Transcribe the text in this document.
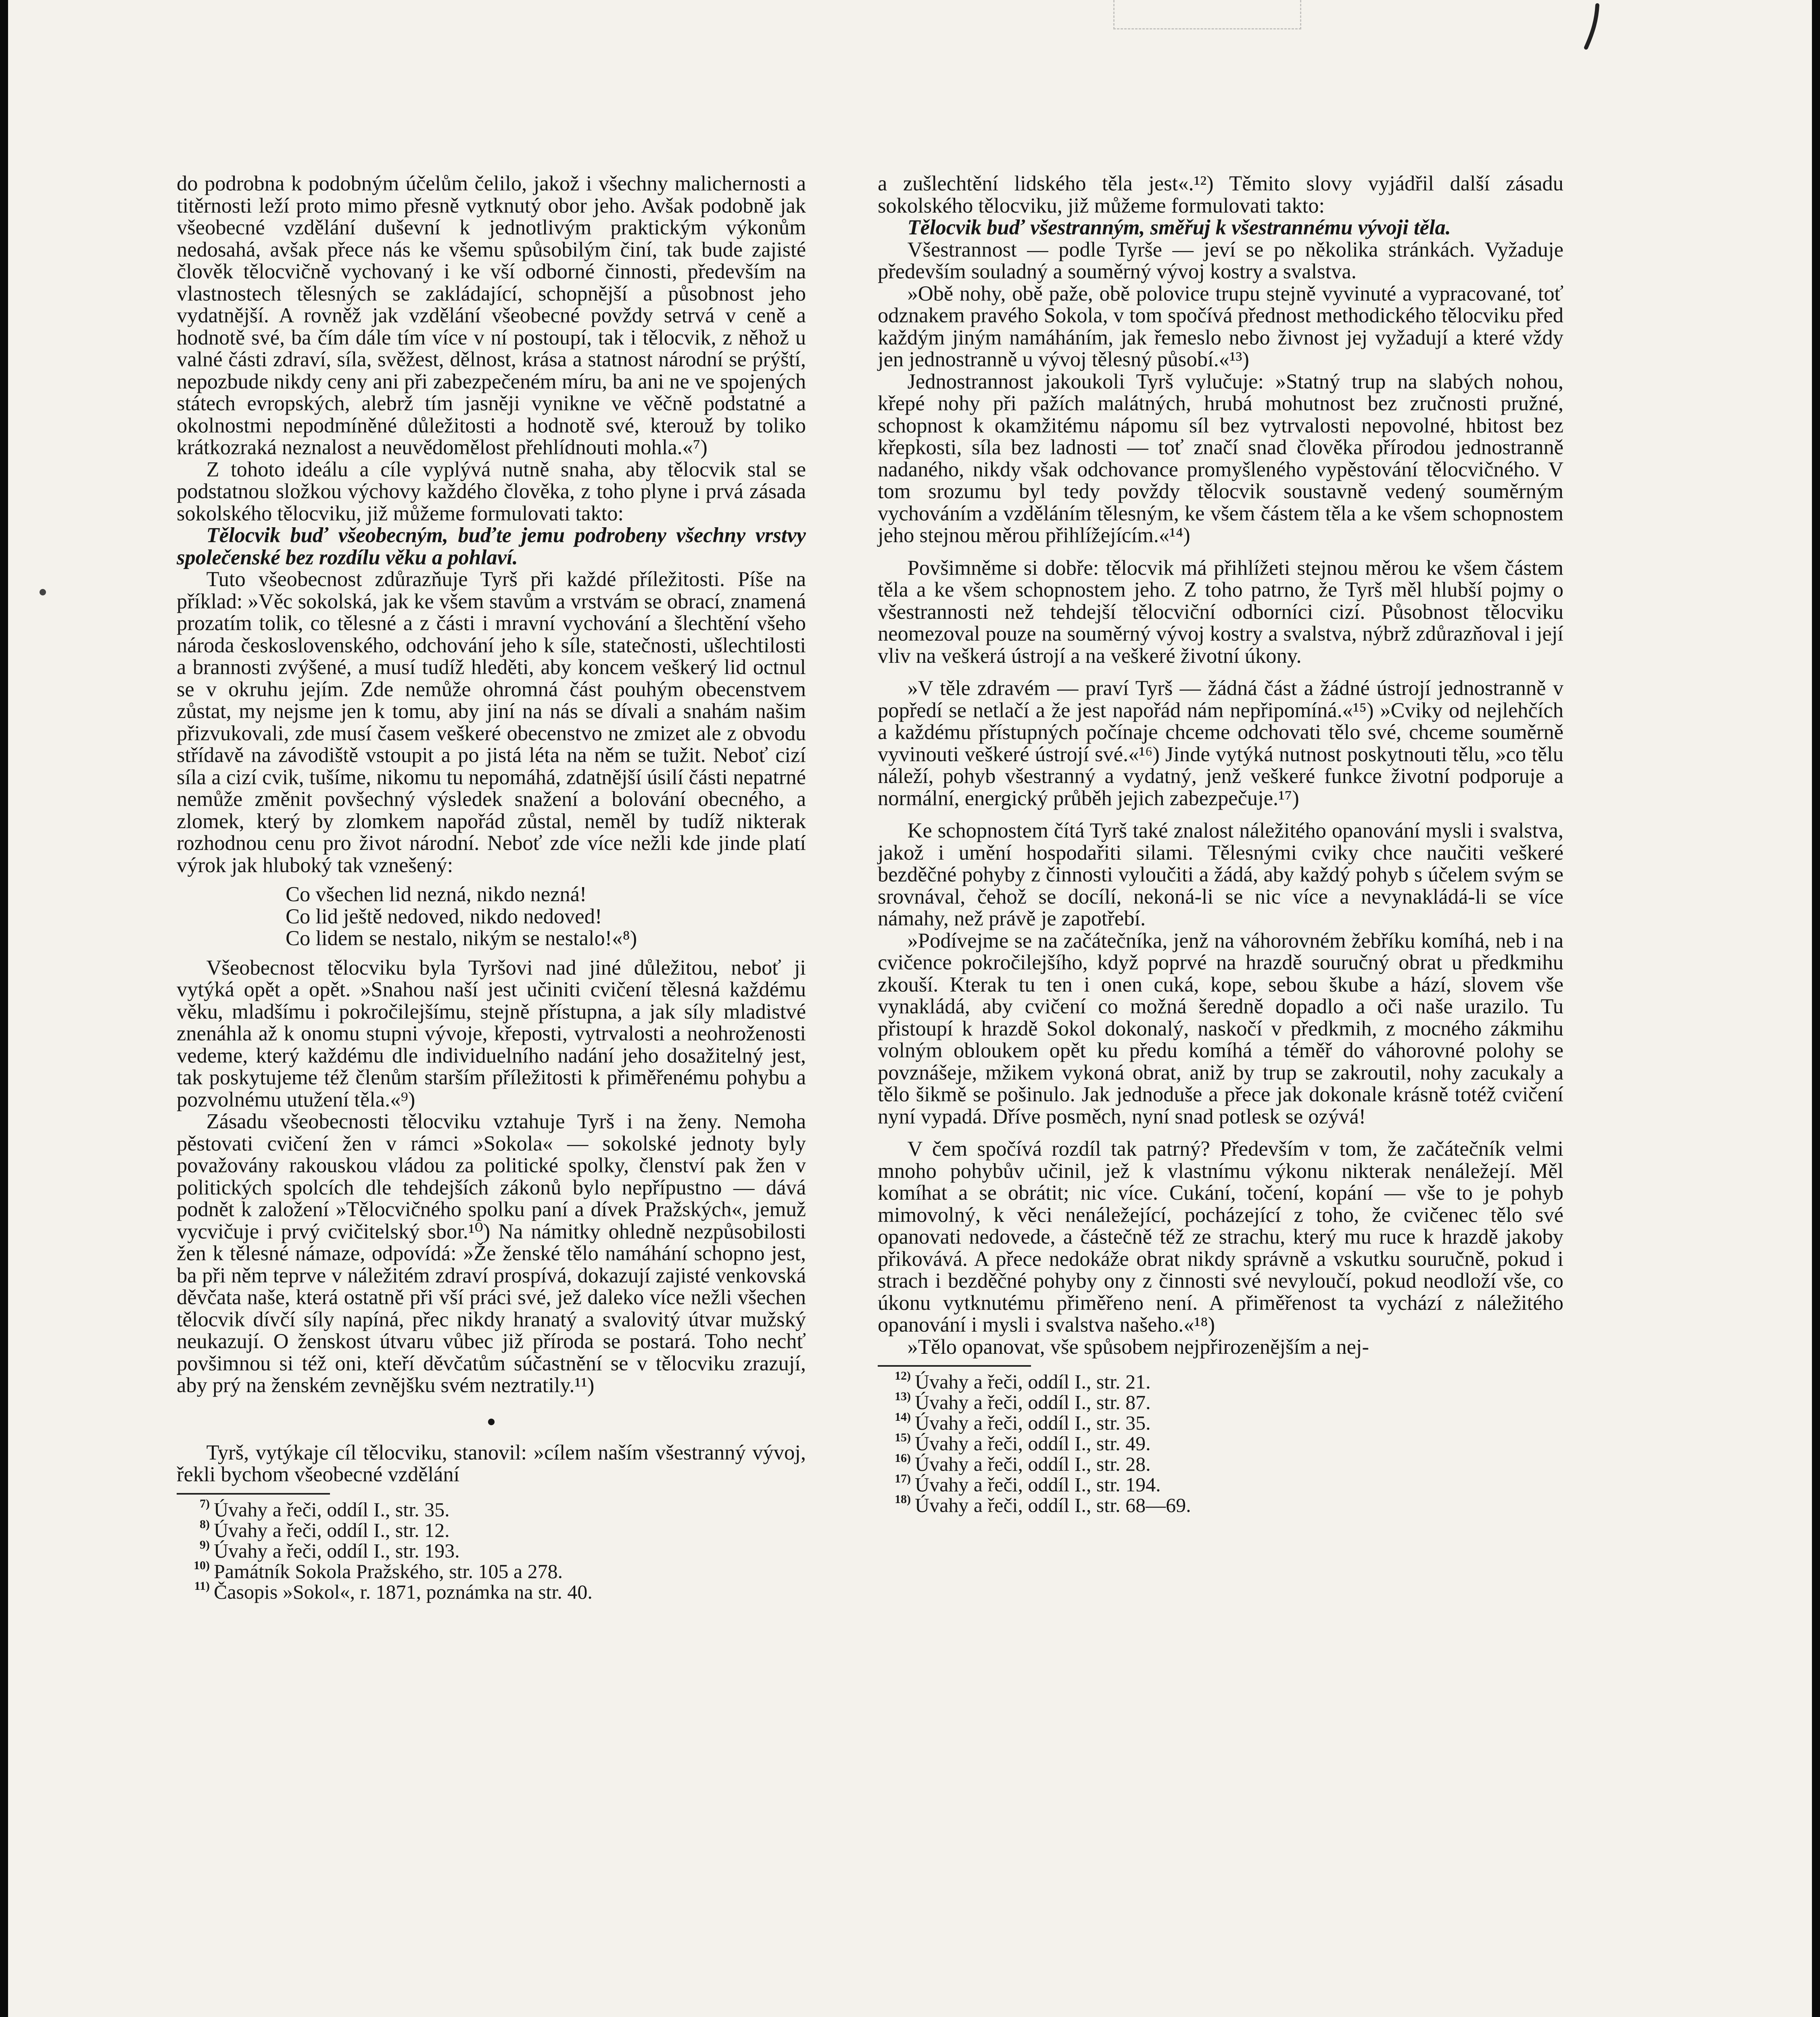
do podrobna k podobným účelům čelilo, jakož i všechny malichernosti a titěrnosti leží proto mimo přesně vytknutý obor jeho. Avšak podobně jak všeobecné vzdělání duševní k jednotlivým praktickým výkonům nedosahá, avšak přece nás ke všemu spůsobilým činí, tak bude zajisté člověk tělocvičně vychovaný i ke vší odborné činnosti, především na vlastnostech tělesných se zakládající, schopnější a působnost jeho vydatnější. A rovněž jak vzdělání všeobecné povždy setrvá v ceně a hodnotě své, ba čím dále tím více v ní postoupí, tak i tělocvik, z něhož u valné části zdraví, síla, svěžest, dělnost, krása a statnost národní se prýští, nepozbude nikdy ceny ani při zabezpečeném míru, ba ani ne ve spojených státech evropských, alebrž tím jasněji vynikne ve věčně podstatné a okolnostmi nepodmíněné důležitosti a hodnotě své, kterouž by toliko krátkozraká neznalost a neuvědomělost přehlídnouti mohla.«⁷)

Z tohoto ideálu a cíle vyplývá nutně snaha, aby tělocvik stal se podstatnou složkou výchovy každého člověka, z toho plyne i prvá zásada sokolského tělocviku, již můžeme formulovati takto:

Tělocvik buď všeobecným, buďte jemu podrobeny všechny vrstvy společenské bez rozdílu věku a pohlaví.

Tuto všeobecnost zdůrazňuje Tyrš při každé příležitosti. Píše na příklad: »Věc sokolská, jak ke všem stavům a vrstvám se obrací, znamená prozatím tolik, co tělesné a z části i mravní vychování a šlechtění všeho národa československého, odchování jeho k síle, statečnosti, ušlechtilosti a brannosti zvýšené, a musí tudíž hleděti, aby koncem veškerý lid octnul se v okruhu jejím. Zde nemůže ohromná část pouhým obecenstvem zůstat, my nejsme jen k tomu, aby jiní na nás se dívali a snahám našim přizvukovali, zde musí časem veškeré obecenstvo ne zmizet ale z obvodu střídavě na závodiště vstoupit a po jistá léta na něm se tužit. Neboť cizí síla a cizí cvik, tušíme, nikomu tu nepomáhá, zdatnější úsilí části nepatrné nemůže změnit povšechný výsledek snažení a bolování obecného, a zlomek, který by zlomkem napořád zůstal, neměl by tudíž nikterak rozhodnou cenu pro život národní. Neboť zde více nežli kde jinde platí výrok jak hluboký tak vznešený:

Co všechen lid nezná, nikdo nezná!
Co lid ještě nedoved, nikdo nedoved!
Co lidem se nestalo, nikým se nestalo!«⁸)

Všeobecnost tělocviku byla Tyršovi nad jiné důležitou, neboť ji vytýká opět a opět. »Snahou naší jest učiniti cvičení tělesná každému věku, mladšímu i pokročilejšímu, stejně přístupna, a jak síly mladistvé znenáhla až k onomu stupni vývoje, křeposti, vytrvalosti a neohroženosti vedeme, který každému dle individuelního nadání jeho dosažitelný jest, tak poskytujeme též členům starším příležitosti k přiměřenému pohybu a pozvolnému utužení těla.«⁹)

Zásadu všeobecnosti tělocviku vztahuje Tyrš i na ženy. Nemoha pěstovati cvičení žen v rámci »Sokola« — sokolské jednoty byly považovány rakouskou vládou za politické spolky, členství pak žen v politických spolcích dle tehdejších zákonů bylo nepřípustno — dává podnět k založení »Tělocvičného spolku paní a dívek Pražských«, jemuž vycvičuje i prvý cvičitelský sbor.¹⁰) Na námitky ohledně nezpůsobilosti žen k tělesné námaze, odpovídá: »Že ženské tělo namáhání schopno jest, ba při něm teprve v náležitém zdraví prospívá, dokazují zajisté venkovská děvčata naše, která ostatně při vší práci své, jež daleko více nežli všechen tělocvik dívčí síly napíná, přec nikdy hranatý a svalovitý útvar mužský neukazují. O ženskost útvaru vůbec již příroda se postará. Toho nechť povšimnou si též oni, kteří děvčatům súčastnění se v tělocviku zrazují, aby prý na ženském zevnějšku svém neztratily.¹¹)

•

Tyrš, vytýkaje cíl tělocviku, stanovil: »cílem naším všestranný vývoj, řekli bychom všeobecné vzdělání

7) Úvahy a řeči, oddíl I., str. 35.
8) Úvahy a řeči, oddíl I., str. 12.
9) Úvahy a řeči, oddíl I., str. 193.
10) Památník Sokola Pražského, str. 105 a 278.
11) Časopis »Sokol«, r. 1871, poznámka na str. 40.

a zušlechtění lidského těla jest«.¹²) Těmito slovy vyjádřil další zásadu sokolského tělocviku, již můžeme formulovati takto:

Tělocvik buď všestranným, směřuj k všestrannému vývoji těla.

Všestrannost — podle Tyrše — jeví se po několika stránkách. Vyžaduje především souladný a souměrný vývoj kostry a svalstva.

»Obě nohy, obě paže, obě polovice trupu stejně vyvinuté a vypracované, toť odznakem pravého Sokola, v tom spočívá přednost methodického tělocviku před každým jiným namáháním, jak řemeslo nebo živnost jej vyžadují a které vždy jen jednostranně u vývoj tělesný působí.«¹³)

Jednostrannost jakoukoli Tyrš vylučuje: »Statný trup na slabých nohou, křepé nohy při pažích malátných, hrubá mohutnost bez zručnosti pružné, schopnost k okamžitému nápomu síl bez vytrvalosti nepovolné, hbitost bez křepkosti, síla bez ladnosti — toť značí snad člověka přírodou jednostranně nadaného, nikdy však odchovance promyšleného vypěstování tělocvičného. V tom srozumu byl tedy povždy tělocvik soustavně vedený souměrným vychováním a vzděláním tělesným, ke všem částem těla a ke všem schopnostem jeho stejnou měrou přihlížejícím.«¹⁴)

Povšimněme si dobře: tělocvik má přihlížeti stejnou měrou ke všem částem těla a ke všem schopnostem jeho. Z toho patrno, že Tyrš měl hlubší pojmy o všestrannosti než tehdejší tělocviční odborníci cizí. Působnost tělocviku neomezoval pouze na souměrný vývoj kostry a svalstva, nýbrž zdůrazňoval i její vliv na veškerá ústrojí a na veškeré životní úkony.

»V těle zdravém — praví Tyrš — žádná část a žádné ústrojí jednostranně v popředí se netlačí a že jest napořád nám nepřipomíná.«¹⁵) »Cviky od nejlehčích a každému přístupných počínaje chceme odchovati tělo své, chceme souměrně vyvinouti veškeré ústrojí své.«¹⁶) Jinde vytýká nutnost poskytnouti tělu, »co tělu náleží, pohyb všestranný a vydatný, jenž veškeré funkce životní podporuje a normální, energický průběh jejich zabezpečuje.¹⁷)

Ke schopnostem čítá Tyrš také znalost náležitého opanování mysli i svalstva, jakož i umění hospodařiti silami. Tělesnými cviky chce naučiti veškeré bezděčné pohyby z činnosti vyloučiti a žádá, aby každý pohyb s účelem svým se srovnával, čehož se docílí, nekoná-li se nic více a nevynakládá-li se více námahy, než právě je zapotřebí.

»Podívejme se na začátečníka, jenž na váhorovném žebříku komíhá, neb i na cvičence pokročilejšího, když poprvé na hrazdě souručný obrat u předkmihu zkouší. Kterak tu ten i onen cuká, kope, sebou škube a hází, slovem vše vynakládá, aby cvičení co možná šeredně dopadlo a oči naše urazilo. Tu přistoupí k hrazdě Sokol dokonalý, naskočí v předkmih, z mocného zákmihu volným obloukem opět ku předu komíhá a téměř do váhorovné polohy se povznášeje, mžikem vykoná obrat, aniž by trup se zakroutil, nohy zacukaly a tělo šikmě se pošinulo. Jak jednoduše a přece jak dokonale krásně totéž cvičení nyní vypadá. Dříve posměch, nyní snad potlesk se ozývá!

V čem spočívá rozdíl tak patrný? Především v tom, že začátečník velmi mnoho pohybův učinil, jež k vlastnímu výkonu nikterak nenáležejí. Měl komíhat a se obrátit; nic více. Cukání, točení, kopání — vše to je pohyb mimovolný, k věci nenáležející, pocházející z toho, že cvičenec tělo své opanovati nedovede, a částečně též ze strachu, který mu ruce k hrazdě jakoby přikovává. A přece nedokáže obrat nikdy správně a vskutku souručně, pokud i strach i bezděčné pohyby ony z činnosti své nevyloučí, pokud neodloží vše, co úkonu vytknutému přiměřeno není. A přiměřenost ta vychází z náležitého opanování i mysli i svalstva našeho.«¹⁸)

»Tělo opanovat, vše spůsobem nejpřirozenějším a nej-

12) Úvahy a řeči, oddíl I., str. 21.
13) Úvahy a řeči, oddíl I., str. 87.
14) Úvahy a řeči, oddíl I., str. 35.
15) Úvahy a řeči, oddíl I., str. 49.
16) Úvahy a řeči, oddíl I., str. 28.
17) Úvahy a řeči, oddíl I., str. 194.
18) Úvahy a řeči, oddíl I., str. 68—69.
